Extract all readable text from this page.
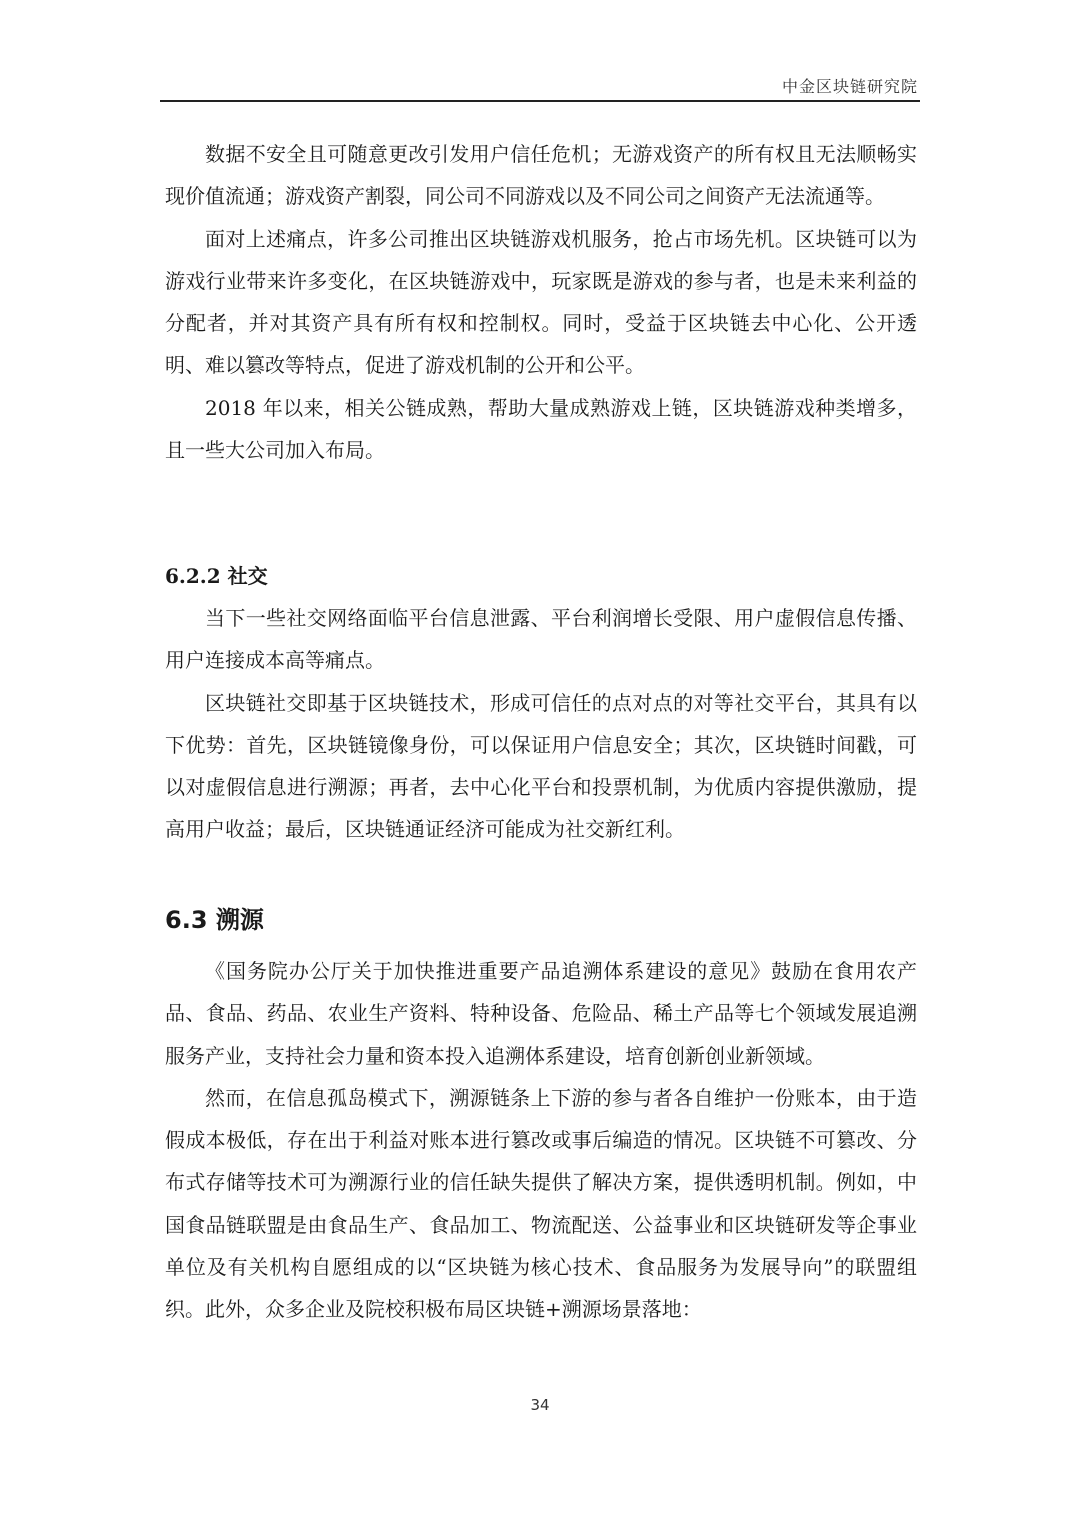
中金区块链研究院

数据不安全且可随意更改引发用户信任危机；无游戏资产的所有权且无法顺畅实现价值流通；游戏资产割裂，同公司不同游戏以及不同公司之间资产无法流通等。

面对上述痛点，许多公司推出区块链游戏机服务，抢占市场先机。区块链可以为游戏行业带来许多变化，在区块链游戏中，玩家既是游戏的参与者，也是未来利益的分配者，并对其资产具有所有权和控制权。同时，受益于区块链去中心化、公开透明、难以篡改等特点，促进了游戏机制的公开和公平。

2018 年以来，相关公链成熟，帮助大量成熟游戏上链，区块链游戏种类增多，且一些大公司加入布局。

6.2.2 社交

当下一些社交网络面临平台信息泄露、平台利润增长受限、用户虚假信息传播、用户连接成本高等痛点。

区块链社交即基于区块链技术，形成可信任的点对点的对等社交平台，其具有以下优势：首先，区块链镜像身份，可以保证用户信息安全；其次，区块链时间戳，可以对虚假信息进行溯源；再者，去中心化平台和投票机制，为优质内容提供激励，提高用户收益；最后，区块链通证经济可能成为社交新红利。

6.3 溯源

《国务院办公厅关于加快推进重要产品追溯体系建设的意见》鼓励在食用农产品、食品、药品、农业生产资料、特种设备、危险品、稀土产品等七个领域发展追溯服务产业，支持社会力量和资本投入追溯体系建设，培育创新创业新领域。

然而，在信息孤岛模式下，溯源链条上下游的参与者各自维护一份账本，由于造假成本极低，存在出于利益对账本进行篡改或事后编造的情况。区块链不可篡改、分布式存储等技术可为溯源行业的信任缺失提供了解决方案，提供透明机制。例如，中国食品链联盟是由食品生产、食品加工、物流配送、公益事业和区块链研发等企事业单位及有关机构自愿组成的以“区块链为核心技术、食品服务为发展导向”的联盟组织。此外，众多企业及院校积极布局区块链+溯源场景落地：

34
